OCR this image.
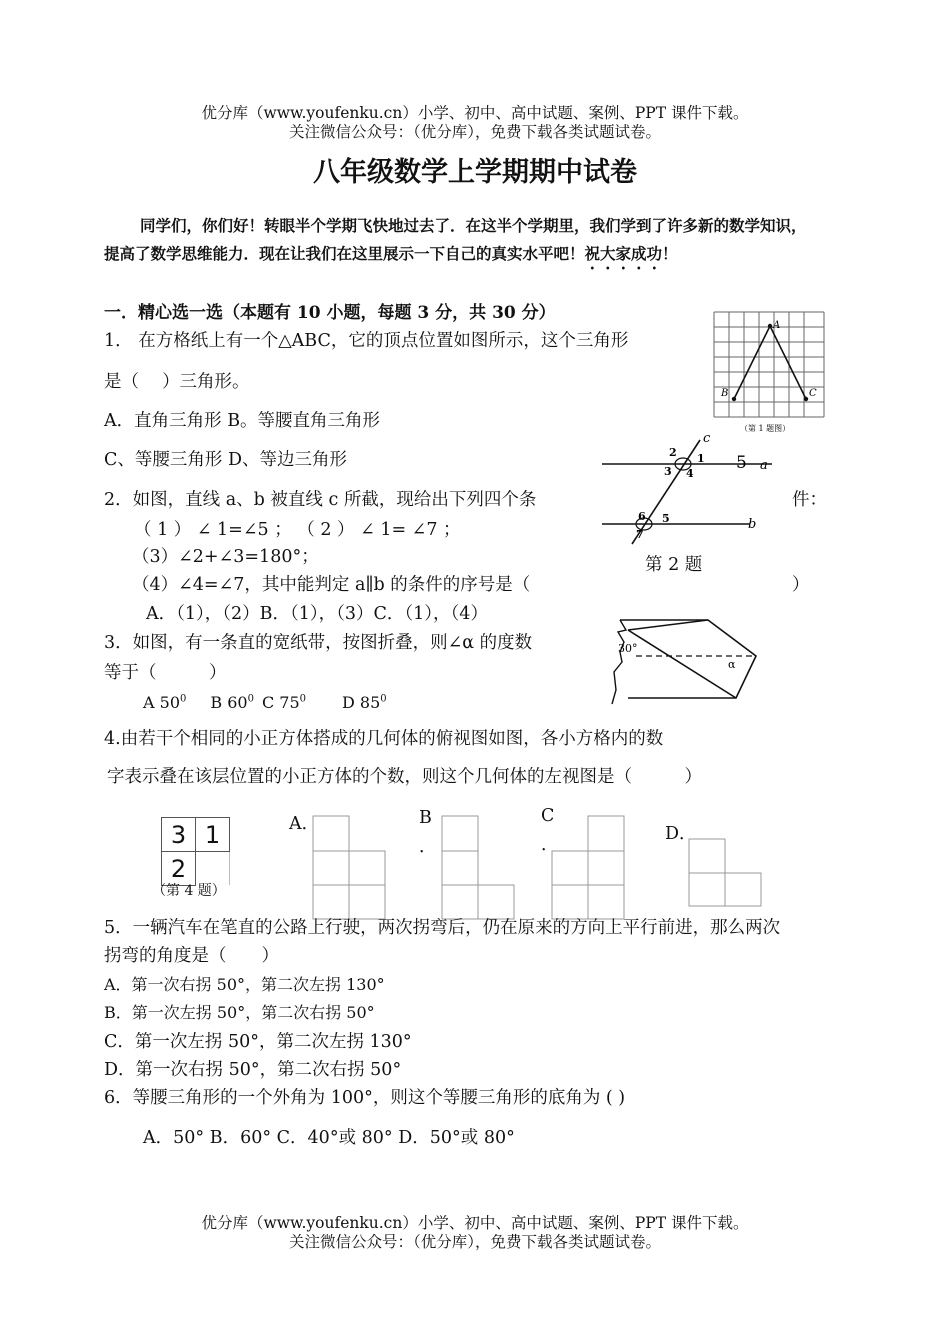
优分库（www.youfenku.cn）小学、初中、高中试题、案例、PPT 课件下载。
关注微信公众号：（优分库），免费下载各类试题试卷。
八年级数学上学期期中试卷
同学们，你们好！转眼半个学期飞快地过去了．在这半个学期里，我们学到了许多新的数学知识，
提高了数学思维能力．现在让我们在这里展示一下自己的真实水平吧！祝大家成功！
一．精心选一选（本题有 10 小题，每题 3 分，共 30 分）
1． 在方格纸上有一个△ABC，它的顶点位置如图所示，这个三角形
是（　 ）三角形。
A．直角三角形 B。等腰直角三角形
C、等腰三角形 D、等边三角形
A
B	C
（第 1 题图）
2．如图，直线 a、b 被直线 c 所截，现给出下列四个条	件：
（ 1 ） ∠ 1=∠5 ； （ 2 ） ∠ 1= ∠7 ；
（3）∠2+∠3=180°；
（4）∠4=∠7，其中能判定 a∥b 的条件的序号是（	）
A．（1），（2）B．（1），（3）C．（1），（4）
c
a
b
2 1
3 4
5
6 5
7
第 2 题
3．如图，有一条直的宽纸带，按图折叠，则∠α 的度数
等于（　　　）
A $50^0$ B $60^0$ C $75^0$ D $85^0$
30°
α
4.由若干个相同的小正方体搭成的几何体的俯视图如图，各小方格内的数
字表示叠在该层位置的小正方体的个数，则这个几何体的左视图是（　　　）
3	1
2	
（第 4 题）
A．	B
．
C
．
D．
5．一辆汽车在笔直的公路上行驶，两次拐弯后，仍在原来的方向上平行前进，那么两次
拐弯的角度是（　　）
A．第一次右拐 50°，第二次左拐 130°
B．第一次左拐 50°，第二次右拐 50°
C．第一次左拐 50°，第二次左拐 130°
D．第一次右拐 50°，第二次右拐 50°
6．等腰三角形的一个外角为 100°，则这个等腰三角形的底角为 ( )
A．50° B．60° C．40°或 80° D．50°或 80°
优分库（www.youfenku.cn）小学、初中、高中试题、案例、PPT 课件下载。
关注微信公众号：（优分库），免费下载各类试题试卷。
